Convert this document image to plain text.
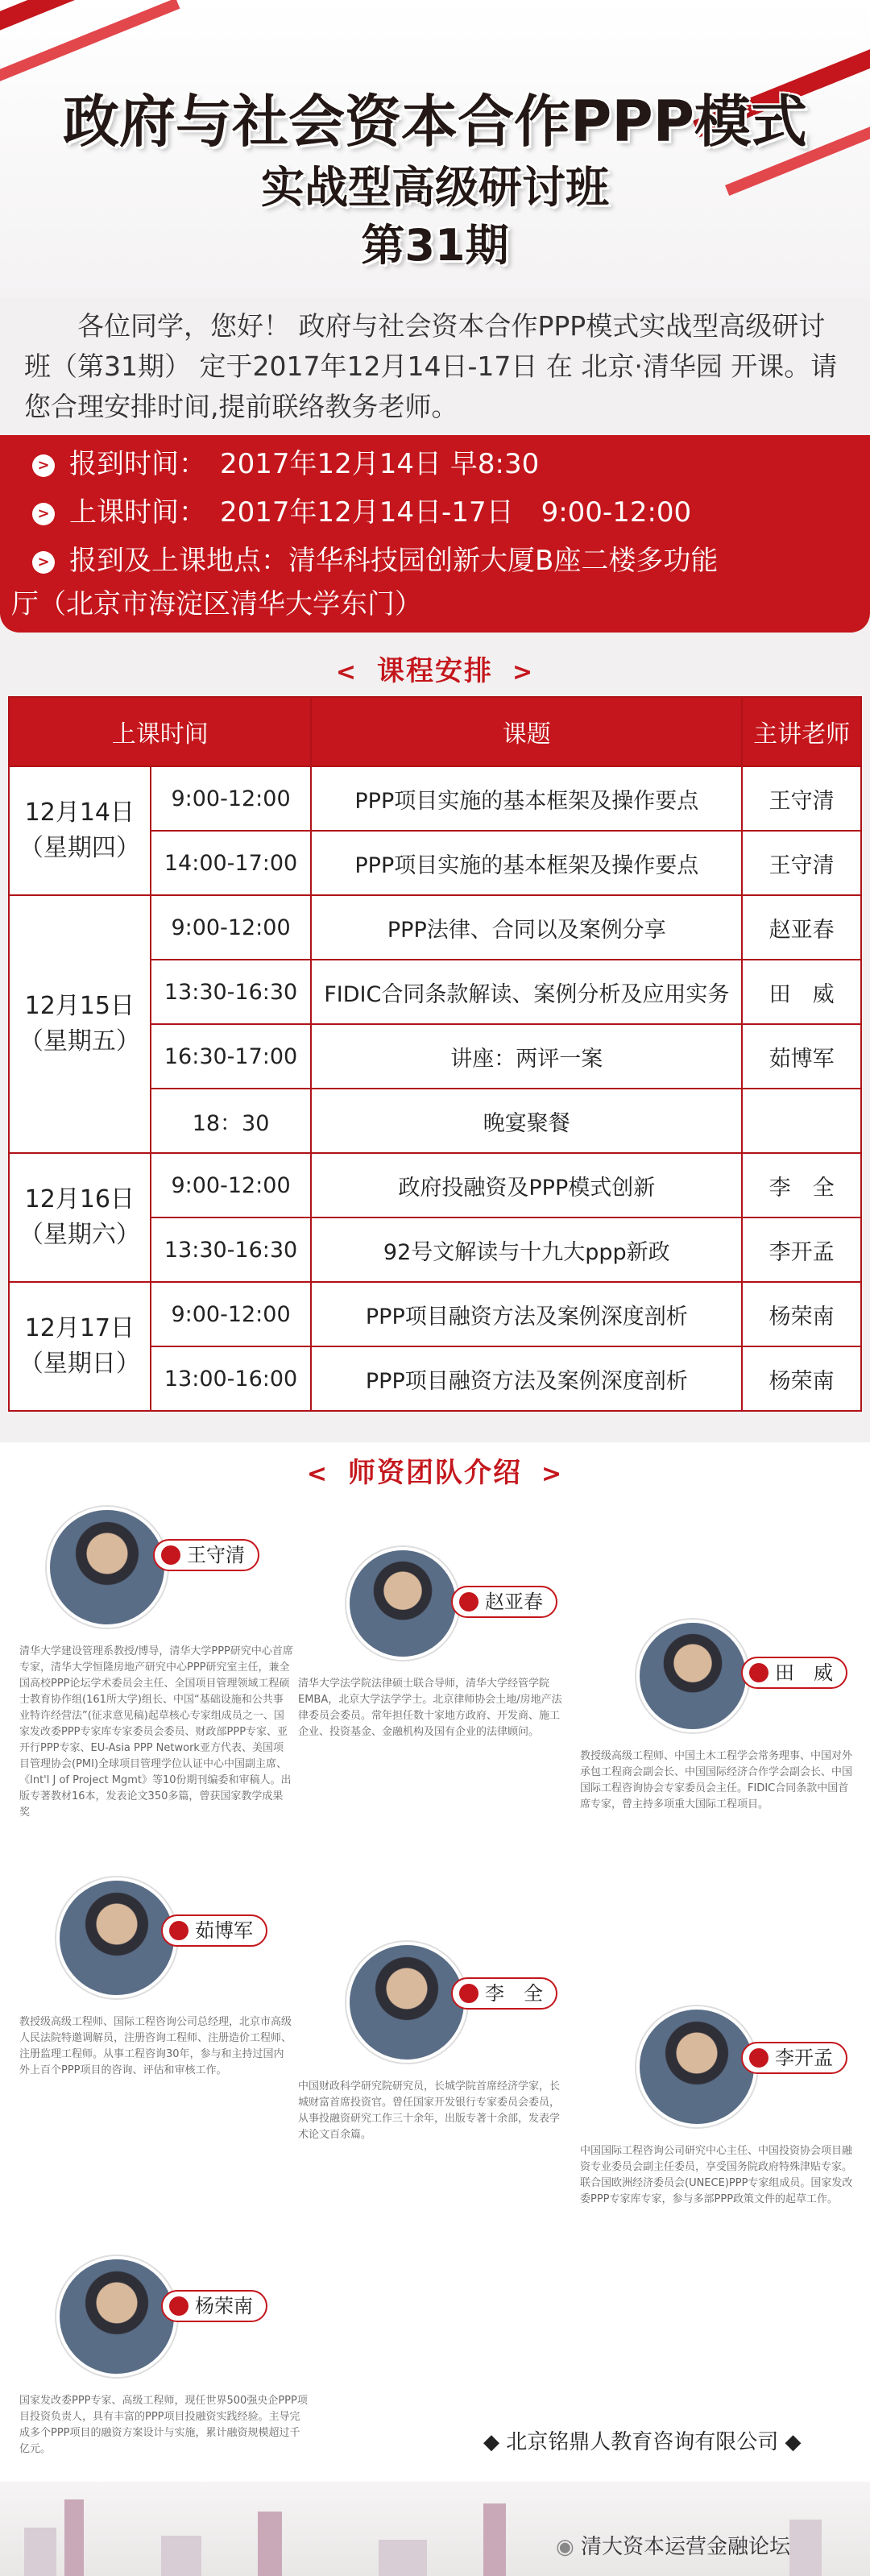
政府与社会资本合作PPP模式
实战型高级研讨班
第31期

各位同学，您好！ 政府与社会资本合作PPP模式实战型高级研讨班（第31期） 定于2017年12月14日-17日 在 北京·清华园 开课。请您合理安排时间,提前联络教务老师。

> 报到时间：　2017年12月14日 早8:30
> 上课时间：　2017年12月14日-17日　9:00-12:00
> 报到及上课地点：清华科技园创新大厦B座二楼多功能
厅（北京市海淀区清华大学东门）
< 课程安排 >
上课时间		课题	主讲老师
12月14日
（星期四）	9:00-12:00	PPP项目实施的基本框架及操作要点	王守清
	14:00-17:00	PPP项目实施的基本框架及操作要点	王守清
12月15日
（星期五）	9:00-12:00	PPP法律、合同以及案例分享	赵亚春
	13:30-16:30	FIDIC合同条款解读、案例分析及应用实务	田　威
	16:30-17:00	讲座：两评一案	茹博军
	18：30	晚宴聚餐	
12月16日
（星期六）	9:00-12:00	政府投融资及PPP模式创新	李　全
	13:30-16:30	92号文解读与十九大ppp新政	李开孟
12月17日
（星期日）	9:00-12:00	PPP项目融资方法及案例深度剖析	杨荣南
	13:00-16:00	PPP项目融资方法及案例深度剖析	杨荣南
< 师资团队介绍 >
王守清
清华大学建设管理系教授/博导，清华大学PPP研究中心首席专家，清华大学恒隆房地产研究中心PPP研究室主任，兼全国高校PPP论坛学术委员会主任、全国项目管理领域工程硕士教育协作组(161所大学)组长、中国“基础设施和公共事业特许经营法”(征求意见稿)起草核心专家组成员之一、国家发改委PPP专家库专家委员会委员、财政部PPP专家、亚开行PPP专家、EU-Asia PPP Network亚方代表、美国项目管理协会(PMI)全球项目管理学位认证中心中国副主席、《Int'l J of Project Mgmt》等10份期刊编委和审稿人。出版专著教材16本，发表论文350多篇，曾获国家教学成果奖
赵亚春
清华大学法学院法律硕士联合导师，清华大学经管学院EMBA，北京大学法学学士。北京律师协会土地/房地产法律委员会委员。常年担任数十家地方政府、开发商、施工企业、投资基金、金融机构及国有企业的法律顾问。
田　威
教授级高级工程师、中国土木工程学会常务理事、中国对外承包工程商会副会长、中国国际经济合作学会副会长、中国国际工程咨询协会专家委员会主任。FIDIC合同条款中国首席专家，曾主持多项重大国际工程项目。
茹博军
教授级高级工程师、国际工程咨询公司总经理，北京市高级人民法院特邀调解员，注册咨询工程师、注册造价工程师、注册监理工程师。从事工程咨询30年，参与和主持过国内外上百个PPP项目的咨询、评估和审核工作。
李　全
中国财政科学研究院研究员，长城学院首席经济学家，长城财富首席投资官。曾任国家开发银行专家委员会委员，从事投融资研究工作三十余年，出版专著十余部，发表学术论文百余篇。
李开孟
中国国际工程咨询公司研究中心主任、中国投资协会项目融资专业委员会副主任委员，享受国务院政府特殊津贴专家。联合国欧洲经济委员会(UNECE)PPP专家组成员。国家发改委PPP专家库专家，参与多部PPP政策文件的起草工作。
杨荣南
国家发改委PPP专家、高级工程师，现任世界500强央企PPP项目投资负责人，具有丰富的PPP项目投融资实践经验。主导完成多个PPP项目的融资方案设计与实施，累计融资规模超过千亿元。	◆ 北京铭鼎人教育咨询有限公司 ◆
◉ 清大资本运营金融论坛
